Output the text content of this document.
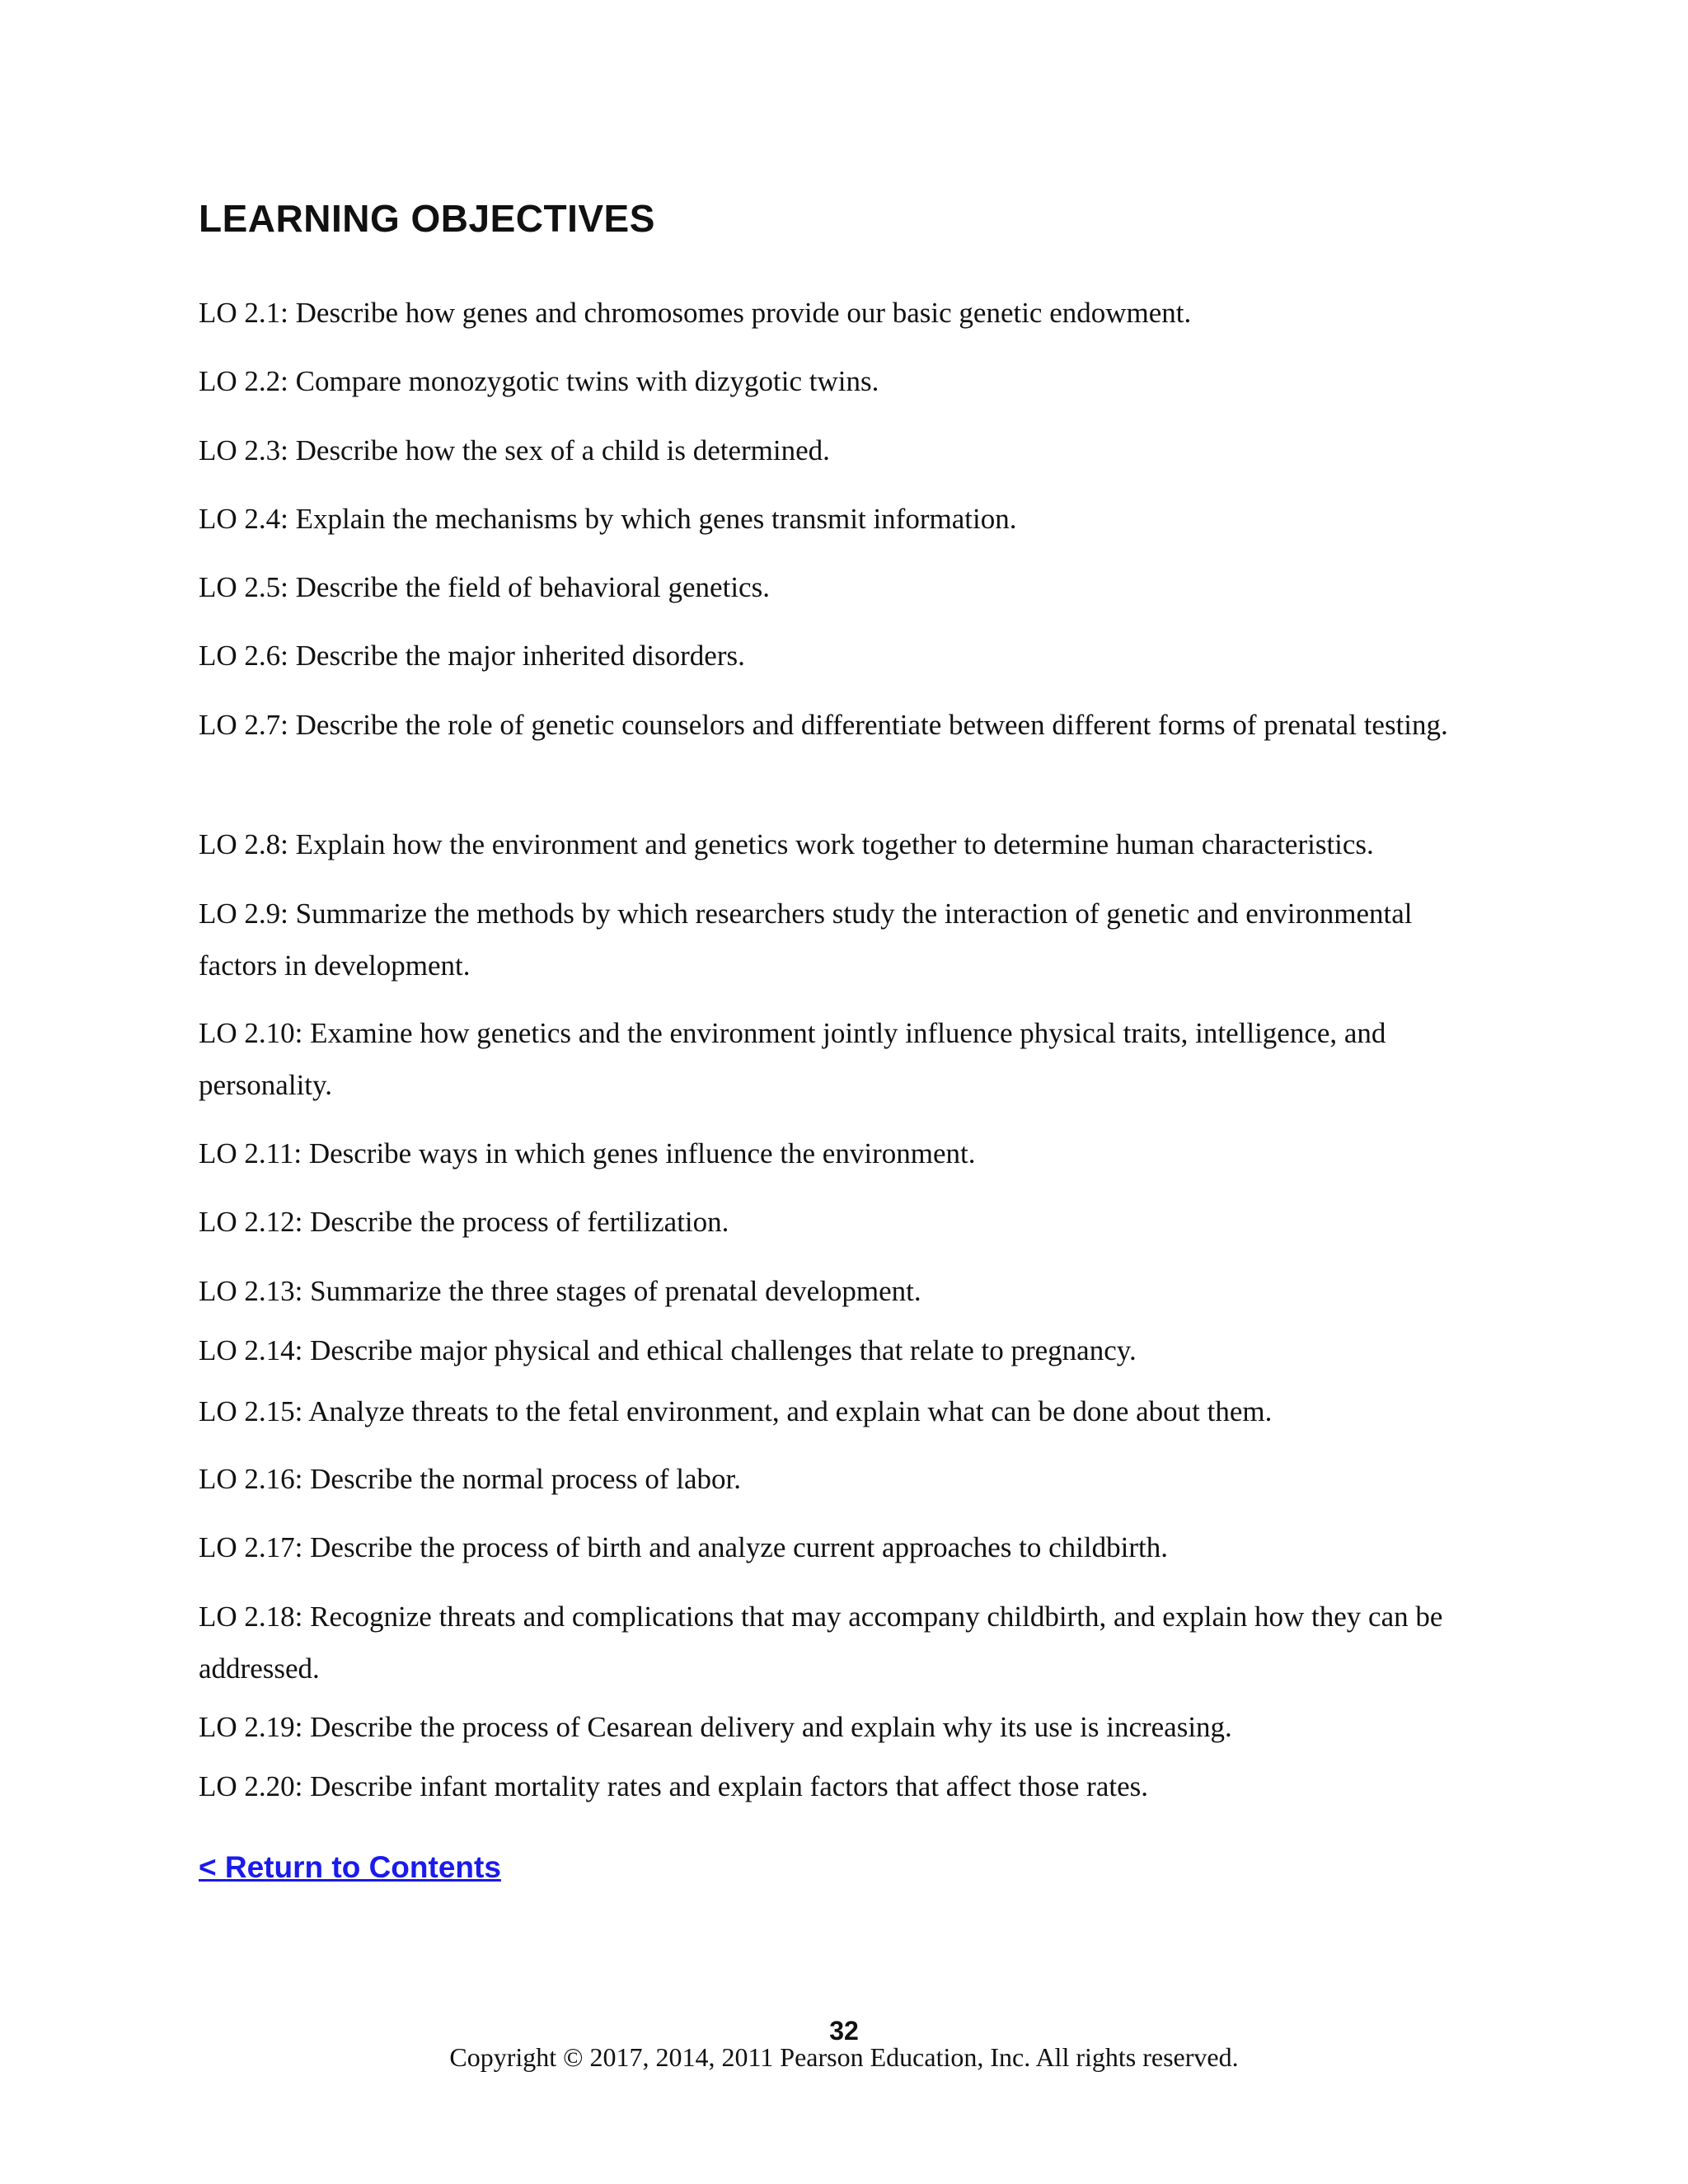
LEARNING OBJECTIVES
LO 2.1: Describe how genes and chromosomes provide our basic genetic endowment.
LO 2.2: Compare monozygotic twins with dizygotic twins.
LO 2.3: Describe how the sex of a child is determined.
LO 2.4: Explain the mechanisms by which genes transmit information.
LO 2.5: Describe the field of behavioral genetics.
LO 2.6: Describe the major inherited disorders.
LO 2.7: Describe the role of genetic counselors and differentiate between different forms of prenatal testing.
LO 2.8: Explain how the environment and genetics work together to determine human characteristics.
LO 2.9: Summarize the methods by which researchers study the interaction of genetic and environmental factors in development.
LO 2.10: Examine how genetics and the environment jointly influence physical traits, intelligence, and personality.
LO 2.11: Describe ways in which genes influence the environment.
LO 2.12: Describe the process of fertilization.
LO 2.13: Summarize the three stages of prenatal development.
LO 2.14: Describe major physical and ethical challenges that relate to pregnancy.
LO 2.15: Analyze threats to the fetal environment, and explain what can be done about them.
LO 2.16: Describe the normal process of labor.
LO 2.17: Describe the process of birth and analyze current approaches to childbirth.
LO 2.18: Recognize threats and complications that may accompany childbirth, and explain how they can be addressed.
LO 2.19: Describe the process of Cesarean delivery and explain why its use is increasing.
LO 2.20: Describe infant mortality rates and explain factors that affect those rates.
< Return to Contents
32
Copyright © 2017, 2014, 2011 Pearson Education, Inc. All rights reserved.
